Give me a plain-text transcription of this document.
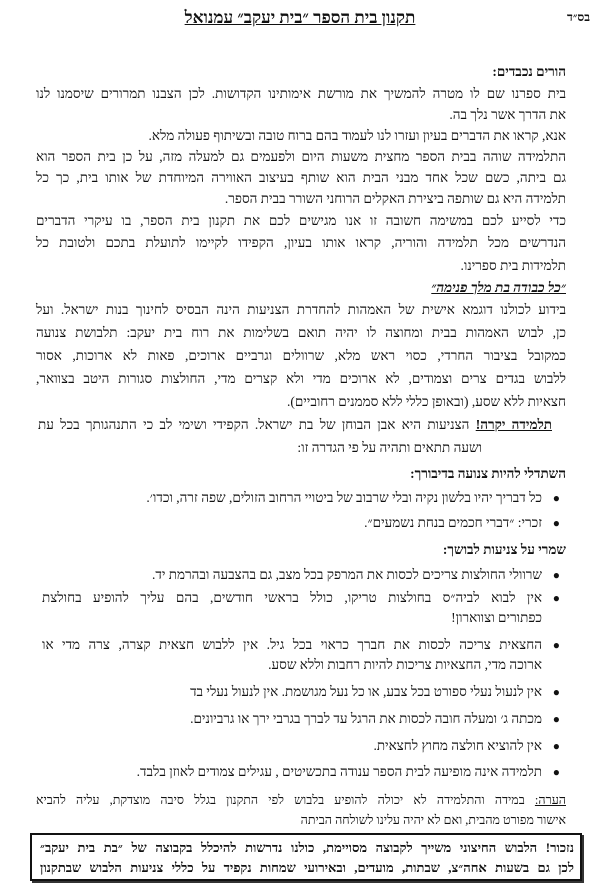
בס״ד
תקנון בית הספר ״בית יעקב״ עמנואל
הורים נכבדים:
בית ספרנו שם לו מטרה להמשיך את מורשת אימותינו הקדושות. לכן הצבנו תמרורים שיסמנו לנו
את הדרך אשר נלך בה.
אנא, קראו את הדברים בעיון ועזרו לנו לעמוד בהם ברוח טובה ובשיתוף פעולה מלא.
התלמידה שוהה בבית הספר מחצית משעות היום ולפעמים גם למעלה מזה, על כן בית הספר הוא
גם ביתה, כשם שכל אחד מבני הבית הוא שותף בעיצוב האווירה המיוחדת של אותו בית, כך כל
תלמידה היא גם שותפה ביצירת האקלים הרוחני השורר בבית הספר.
כדי לסייע לכם במשימה חשובה זו אנו מגישים לכם את תקנון בית הספר, בו עיקרי הדברים
הנדרשים מכל תלמידה והוריה, קראו אותו בעיון, הקפידו לקיימו לתועלת בתכם ולטובת כל
תלמידות בית ספרינו.
״כל כבודה בת מלך פנימה״
בידוע לכולנו דוגמא אישית של האמהות להחדרת הצניעות הינה הבסיס לחינוך בנות ישראל. ועל
כן, לבוש האמהות בבית ומחוצה לו יהיה תואם בשלימות את רוח בית יעקב: תלבושת צנועה
כמקובל בציבור החרדי, כסוי ראש מלא, שרוולים וגרביים ארוכים, פאות לא ארוכות, אסור
ללבוש בגדים צרים וצמודים, לא ארוכים מדי ולא קצרים מדי, החולצות סגורות היטב בצוואר,
חצאיות ללא שסע, (ובאופן כללי ללא סממנים רחוביים).
תלמידה יקרה! הצניעות היא אבן הבוחן של בת ישראל. הקפידי ושימי לב כי התנהגותך בכל עת
ושעה תתאים ותהיה על פי הגדרה זו:
השתדלי להיות צנועה בדיבורך:
כל דבריך יהיו בלשון נקיה ובלי שרבוב של ביטויי הרחוב הזולים, שפה זרה, וכדו׳. ●
זכרי: ״דברי חכמים בנחת נשמעים״. ●
שמרי על צניעות לבושך:
שרוולי החולצות צריכים לכסות את המרפק בכל מצב, גם בהצבעה ובהרמת יד. ●
אין לבוא לביה״ס בחולצות טריקו, כולל בראשי חודשים, בהם עליך להופיע בחולצת ●
כפתורים וצווארון!
החצאית צריכה לכסות את חברך כראוי בכל גיל. אין ללבוש חצאית קצרה, צרה מדי או ●
ארוכה מדי, החצאיות צריכות להיות רחבות וללא שסע.
אין לנעול נעלי ספורט בכל צבע, או כל נעל מגושמת. אין לנעול נעלי בד ●
מכתה ג׳ ומעלה חובה לכסות את הרגל עד לברך בגרבי ירך או גרביונים. ●
אין להוציא חולצה מחוץ לחצאית. ●
תלמידה אינה מופיעה לבית הספר ענודה בתכשיטים , עגילים צמודים לאוזן בלבד. ●
הערה: במידה והתלמידה לא יכולה להופיע בלבוש לפי התקנון בגלל סיבה מוצדקת, עליה להביא
אישור מפורט מהבית, ואם לא יהיה עלינו לשולחה הביתה
נזכור! הלבוש החיצוני משייך לקבוצה מסויימת, כולנו נדרשות להיכלל בקבוצה של ״בת בית יעקב״
לכן גם בשעות אחה״צ, שבתות, מועדים, ובאירועי שמחות נקפיד על כללי צניעות הלבוש שבתקנון
